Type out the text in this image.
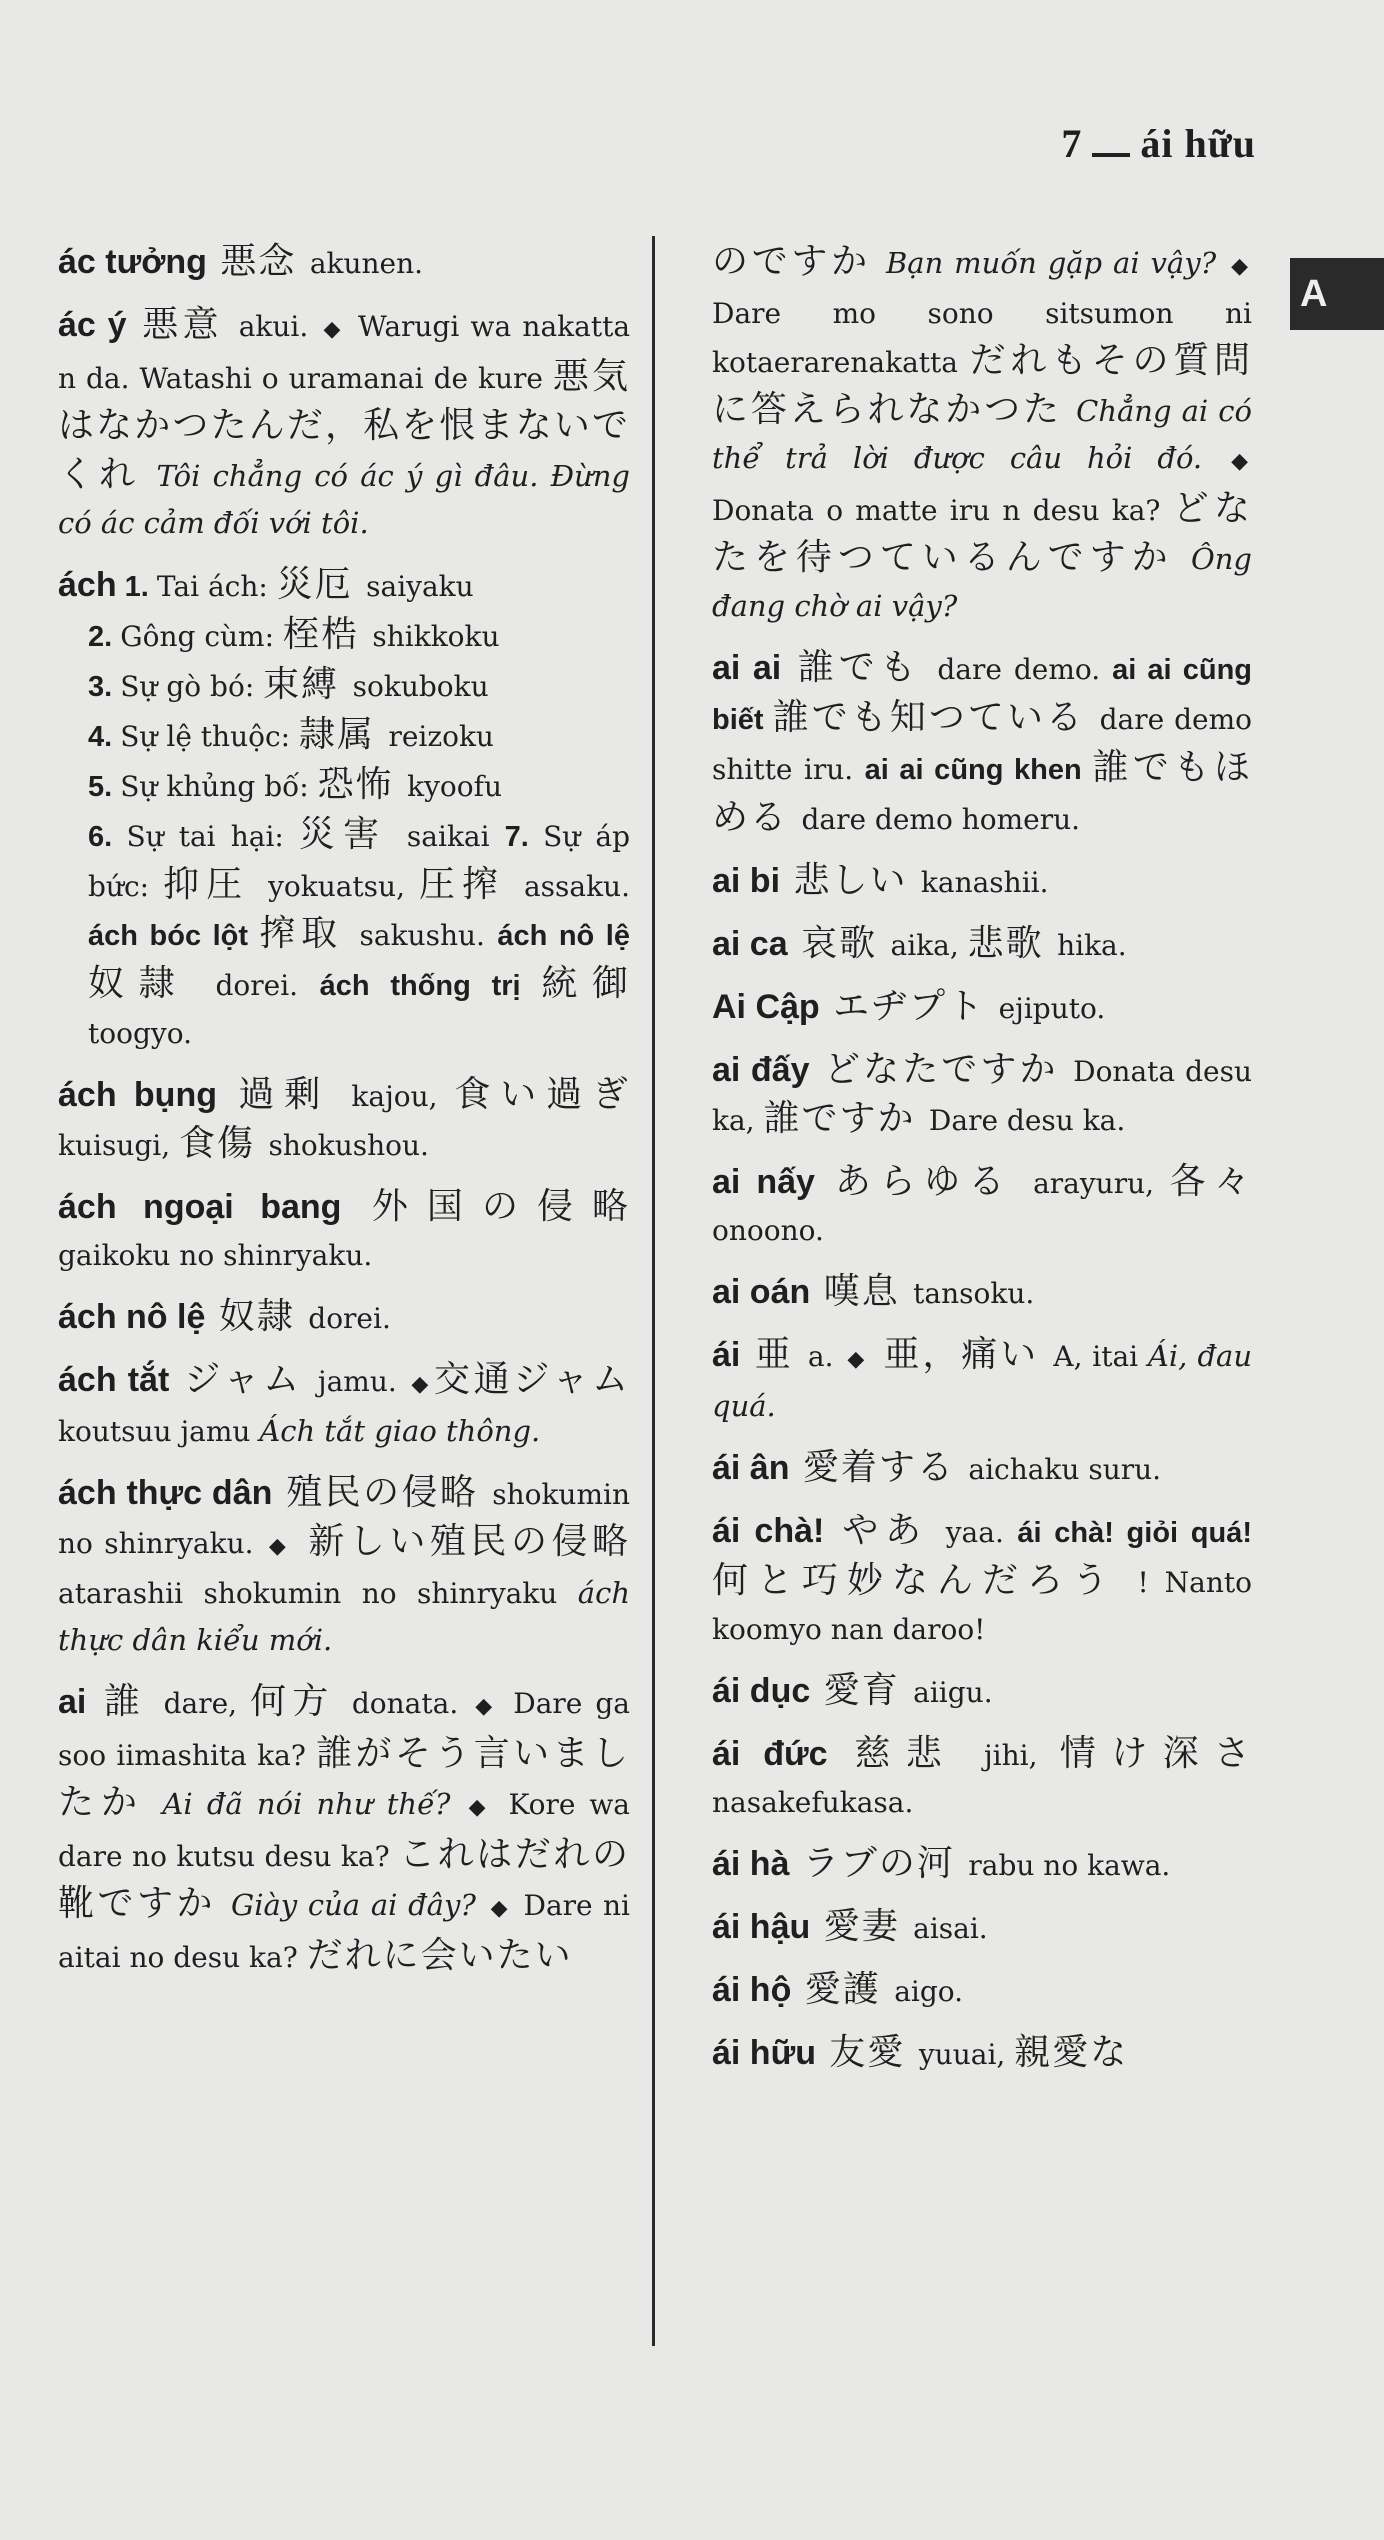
7 ái hữu
A

ác tưởng 悪念 akunen.

ác ý 悪意 akui. ◆ Warugi wa nakatta n da. Watashi o uramanai de kure 悪気はなかつたんだ，私を恨まないでくれ Tôi chẳng có ác ý gì đâu. Đừng có ác cảm đối với tôi.

ách 1. Tai ách: 災厄 saiyaku
2. Gông cùm: 桎梏 shikkoku
3. Sự gò bó: 束縛 sokuboku
4. Sự lệ thuộc: 隷属 reizoku
5. Sự khủng bố: 恐怖 kyoofu
6. Sự tai hại: 災害 saikai 7. Sự áp bức: 抑圧 yokuatsu, 圧搾 assaku. ách bóc lột 搾取 sakushu. ách nô lệ 奴隷 dorei. ách thống trị 統御 toogyo.

ách bụng 過剰 kajou, 食い過ぎ kuisugi, 食傷 shokushou.

ách ngoại bang 外国の侵略 gaikoku no shinryaku.

ách nô lệ 奴隷 dorei.

ách tắt ジャム jamu. ◆ 交通ジャム koutsuu jamu Ách tắt giao thông.

ách thực dân 殖民の侵略 shokumin no shinryaku. ◆ 新しい殖民の侵略 atarashii shokumin no shinryaku ách thực dân kiểu mới.

ai 誰 dare, 何方 donata. ◆ Dare ga soo iimashita ka? 誰がそう言いましたか Ai đã nói như thế? ◆ Kore wa dare no kutsu desu ka? これはだれの靴ですか Giày của ai đây? ◆ Dare ni aitai no desu ka? だれに会いたい

のですか Bạn muốn gặp ai vậy? ◆ Dare mo sono sitsumon ni kotaerarenakatta だれもその質問に答えられなかつた Chẳng ai có thể trả lời được câu hỏi đó. ◆ Donata o matte iru n desu ka? どなたを待つているんですか Ông đang chờ ai vậy?

ai ai 誰でも dare demo. ai ai cũng biết 誰でも知つている dare demo shitte iru. ai ai cũng khen 誰でもほめる dare demo homeru.

ai bi 悲しい kanashii.

ai ca 哀歌 aika, 悲歌 hika.

Ai Cập エヂプト ejiputo.

ai đấy どなたですか Donata desu ka, 誰ですか Dare desu ka.

ai nấy あらゆる arayuru, 各々 onoono.

ai oán 嘆息 tansoku.

ái 亜 a. ◆ 亜，痛い A, itai Ái, đau quá.

ái ân 愛着する aichaku suru.

ái chà! やあ yaa. ái chà! giỏi quá! 何と巧妙なんだろう ! Nanto koomyo nan daroo!

ái dục 愛育 aiigu.

ái đức 慈悲 jihi, 情け深さ nasakefukasa.

ái hà ラブの河 rabu no kawa.

ái hậu 愛妻 aisai.

ái hộ 愛護 aigo.

ái hữu 友愛 yuuai, 親愛な
